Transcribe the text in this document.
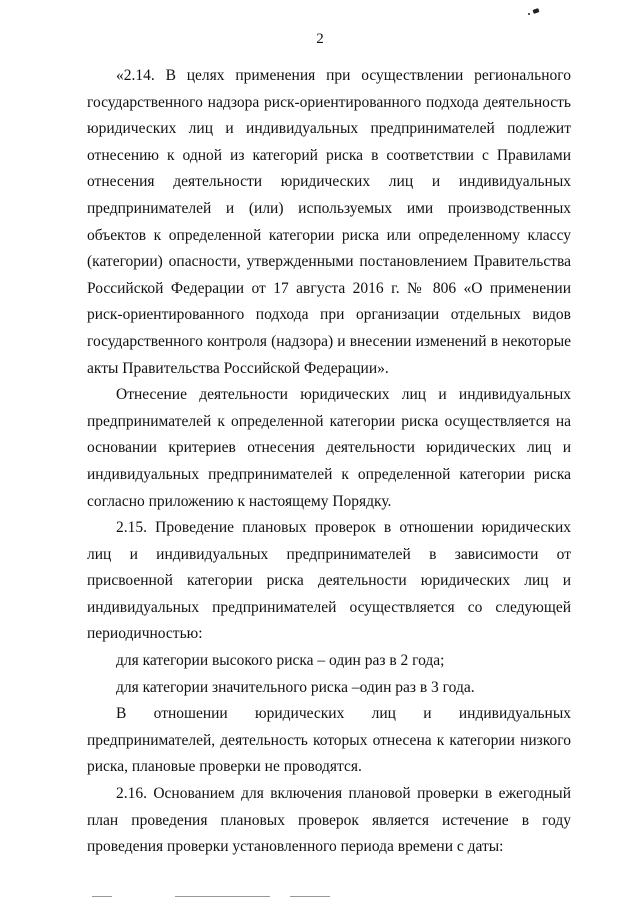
2

«2.14. В целях применения при осуществлении регионального государственного надзора риск-ориентированного подхода деятельность юридических лиц и индивидуальных предпринимателей подлежит отнесению к одной из категорий риска в соответствии с Правилами отнесения деятельности юридических лиц и индивидуальных предпринимателей и (или) используемых ими производственных объектов к определенной категории риска или определенному классу (категории) опасности, утвержденными постановлением Правительства Российской Федерации от 17 августа 2016 г. № 806 «О применении риск-ориентированного подхода при организации отдельных видов государственного контроля (надзора) и внесении изменений в некоторые акты Правительства Российской Федерации».

Отнесение деятельности юридических лиц и индивидуальных предпринимателей к определенной категории риска осуществляется на основании критериев отнесения деятельности юридических лиц и индивидуальных предпринимателей к определенной категории риска согласно приложению к настоящему Порядку.

2.15. Проведение плановых проверок в отношении юридических лиц и индивидуальных предпринимателей в зависимости от присвоенной категории риска деятельности юридических лиц и индивидуальных предпринимателей осуществляется со следующей периодичностью:

для категории высокого риска – один раз в 2 года;

для категории значительного риска –один раз в 3 года.

В отношении юридических лиц и индивидуальных предпринимателей, деятельность которых отнесена к категории низкого риска, плановые проверки не проводятся.

2.16. Основанием для включения плановой проверки в ежегодный план проведения плановых проверок является истечение в году проведения проверки установленного периода времени с даты:
